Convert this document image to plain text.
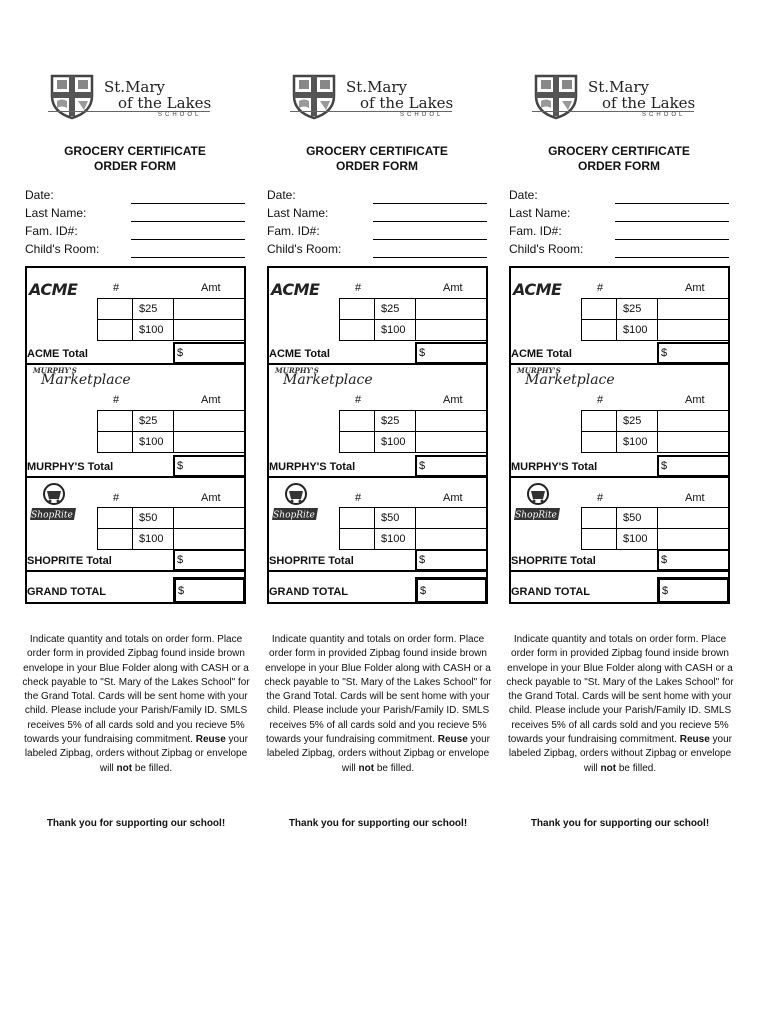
St.Mary
of the Lakes
SCHOOL
GROCERY CERTIFICATE
ORDER FORM
Date:
Last Name:
Fam. ID#:
Child's Room:
ACME	#	Amt
$25
$100
ACME Total	$
MURPHY'S
Marketplace
#	Amt
$25
$100
MURPHY'S Total	$
ShopRite
#	Amt
$50
$100
SHOPRITE Total	$
GRAND TOTAL	$
Indicate quantity and totals on order form. Place order form in provided Zipbag found inside brown envelope in your Blue Folder along with CASH or a check payable to "St. Mary of the Lakes School" for the Grand Total. Cards will be sent home with your child. Please include your Parish/Family ID. SMLS receives 5% of all cards sold and you recieve 5% towards your fundraising commitment. Reuse your labeled Zipbag, orders without Zipbag or envelope will not be filled.
Thank you for supporting our school!
St.Mary
of the Lakes
SCHOOL
GROCERY CERTIFICATE
ORDER FORM
Date:
Last Name:
Fam. ID#:
Child's Room:
ACME	#	Amt
$25
$100
ACME Total	$
MURPHY'S
Marketplace
#	Amt
$25
$100
MURPHY'S Total	$
ShopRite
#	Amt
$50
$100
SHOPRITE Total	$
GRAND TOTAL	$
Indicate quantity and totals on order form. Place order form in provided Zipbag found inside brown envelope in your Blue Folder along with CASH or a check payable to "St. Mary of the Lakes School" for the Grand Total. Cards will be sent home with your child. Please include your Parish/Family ID. SMLS receives 5% of all cards sold and you recieve 5% towards your fundraising commitment. Reuse your labeled Zipbag, orders without Zipbag or envelope will not be filled.
Thank you for supporting our school!
St.Mary
of the Lakes
SCHOOL
GROCERY CERTIFICATE
ORDER FORM
Date:
Last Name:
Fam. ID#:
Child's Room:
ACME	#	Amt
$25
$100
ACME Total	$
MURPHY'S
Marketplace
#	Amt
$25
$100
MURPHY'S Total	$
ShopRite
#	Amt
$50
$100
SHOPRITE Total	$
GRAND TOTAL	$
Indicate quantity and totals on order form. Place order form in provided Zipbag found inside brown envelope in your Blue Folder along with CASH or a check payable to "St. Mary of the Lakes School" for the Grand Total. Cards will be sent home with your child. Please include your Parish/Family ID. SMLS receives 5% of all cards sold and you recieve 5% towards your fundraising commitment. Reuse your labeled Zipbag, orders without Zipbag or envelope will not be filled.
Thank you for supporting our school!
